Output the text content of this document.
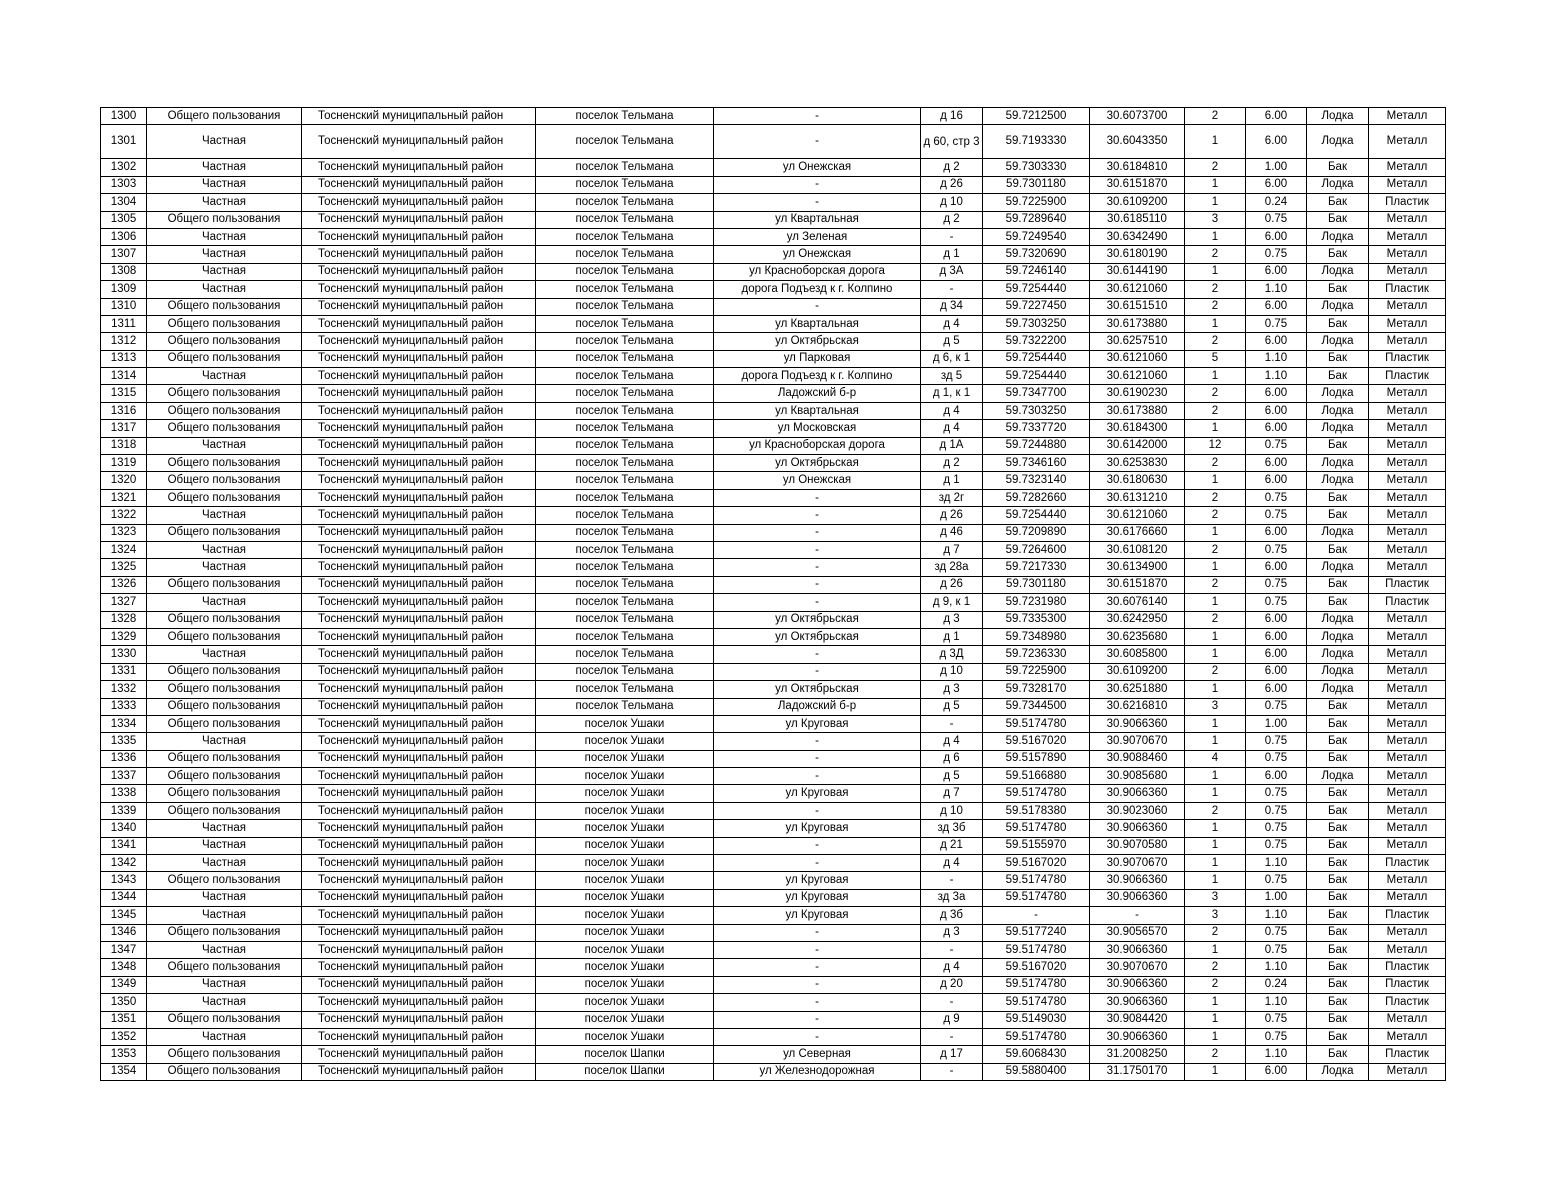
1300	Общего пользования	Тосненский муниципальный район	поселок Тельмана	-	д 16	59.7212500	30.6073700	2	6.00	Лодка	Металл
1301	Частная	Тосненский муниципальный район	поселок Тельмана	-	д 60, стр 3	59.7193330	30.6043350	1	6.00	Лодка	Металл
1302	Частная	Тосненский муниципальный район	поселок Тельмана	ул Онежская	д 2	59.7303330	30.6184810	2	1.00	Бак	Металл
1303	Частная	Тосненский муниципальный район	поселок Тельмана	-	д 26	59.7301180	30.6151870	1	6.00	Лодка	Металл
1304	Частная	Тосненский муниципальный район	поселок Тельмана	-	д 10	59.7225900	30.6109200	1	0.24	Бак	Пластик
1305	Общего пользования	Тосненский муниципальный район	поселок Тельмана	ул Квартальная	д 2	59.7289640	30.6185110	3	0.75	Бак	Металл
1306	Частная	Тосненский муниципальный район	поселок Тельмана	ул Зеленая	-	59.7249540	30.6342490	1	6.00	Лодка	Металл
1307	Частная	Тосненский муниципальный район	поселок Тельмана	ул Онежская	д 1	59.7320690	30.6180190	2	0.75	Бак	Металл
1308	Частная	Тосненский муниципальный район	поселок Тельмана	ул Красноборская дорога	д 3А	59.7246140	30.6144190	1	6.00	Лодка	Металл
1309	Частная	Тосненский муниципальный район	поселок Тельмана	дорога Подъезд к г. Колпино	-	59.7254440	30.6121060	2	1.10	Бак	Пластик
1310	Общего пользования	Тосненский муниципальный район	поселок Тельмана	-	д 34	59.7227450	30.6151510	2	6.00	Лодка	Металл
1311	Общего пользования	Тосненский муниципальный район	поселок Тельмана	ул Квартальная	д 4	59.7303250	30.6173880	1	0.75	Бак	Металл
1312	Общего пользования	Тосненский муниципальный район	поселок Тельмана	ул Октябрьская	д 5	59.7322200	30.6257510	2	6.00	Лодка	Металл
1313	Общего пользования	Тосненский муниципальный район	поселок Тельмана	ул Парковая	д 6, к 1	59.7254440	30.6121060	5	1.10	Бак	Пластик
1314	Частная	Тосненский муниципальный район	поселок Тельмана	дорога Подъезд к г. Колпино	зд 5	59.7254440	30.6121060	1	1.10	Бак	Пластик
1315	Общего пользования	Тосненский муниципальный район	поселок Тельмана	Ладожский б-р	д 1, к 1	59.7347700	30.6190230	2	6.00	Лодка	Металл
1316	Общего пользования	Тосненский муниципальный район	поселок Тельмана	ул Квартальная	д 4	59.7303250	30.6173880	2	6.00	Лодка	Металл
1317	Общего пользования	Тосненский муниципальный район	поселок Тельмана	ул Московская	д 4	59.7337720	30.6184300	1	6.00	Лодка	Металл
1318	Частная	Тосненский муниципальный район	поселок Тельмана	ул Красноборская дорога	д 1А	59.7244880	30.6142000	12	0.75	Бак	Металл
1319	Общего пользования	Тосненский муниципальный район	поселок Тельмана	ул Октябрьская	д 2	59.7346160	30.6253830	2	6.00	Лодка	Металл
1320	Общего пользования	Тосненский муниципальный район	поселок Тельмана	ул Онежская	д 1	59.7323140	30.6180630	1	6.00	Лодка	Металл
1321	Общего пользования	Тосненский муниципальный район	поселок Тельмана	-	зд 2г	59.7282660	30.6131210	2	0.75	Бак	Металл
1322	Частная	Тосненский муниципальный район	поселок Тельмана	-	д 26	59.7254440	30.6121060	2	0.75	Бак	Металл
1323	Общего пользования	Тосненский муниципальный район	поселок Тельмана	-	д 46	59.7209890	30.6176660	1	6.00	Лодка	Металл
1324	Частная	Тосненский муниципальный район	поселок Тельмана	-	д 7	59.7264600	30.6108120	2	0.75	Бак	Металл
1325	Частная	Тосненский муниципальный район	поселок Тельмана	-	зд 28а	59.7217330	30.6134900	1	6.00	Лодка	Металл
1326	Общего пользования	Тосненский муниципальный район	поселок Тельмана	-	д 26	59.7301180	30.6151870	2	0.75	Бак	Пластик
1327	Частная	Тосненский муниципальный район	поселок Тельмана	-	д 9, к 1	59.7231980	30.6076140	1	0.75	Бак	Пластик
1328	Общего пользования	Тосненский муниципальный район	поселок Тельмана	ул Октябрьская	д 3	59.7335300	30.6242950	2	6.00	Лодка	Металл
1329	Общего пользования	Тосненский муниципальный район	поселок Тельмана	ул Октябрьская	д 1	59.7348980	30.6235680	1	6.00	Лодка	Металл
1330	Частная	Тосненский муниципальный район	поселок Тельмана	-	д 3Д	59.7236330	30.6085800	1	6.00	Лодка	Металл
1331	Общего пользования	Тосненский муниципальный район	поселок Тельмана	-	д 10	59.7225900	30.6109200	2	6.00	Лодка	Металл
1332	Общего пользования	Тосненский муниципальный район	поселок Тельмана	ул Октябрьская	д 3	59.7328170	30.6251880	1	6.00	Лодка	Металл
1333	Общего пользования	Тосненский муниципальный район	поселок Тельмана	Ладожский б-р	д 5	59.7344500	30.6216810	3	0.75	Бак	Металл
1334	Общего пользования	Тосненский муниципальный район	поселок Ушаки	ул Круговая	-	59.5174780	30.9066360	1	1.00	Бак	Металл
1335	Частная	Тосненский муниципальный район	поселок Ушаки	-	д 4	59.5167020	30.9070670	1	0.75	Бак	Металл
1336	Общего пользования	Тосненский муниципальный район	поселок Ушаки	-	д 6	59.5157890	30.9088460	4	0.75	Бак	Металл
1337	Общего пользования	Тосненский муниципальный район	поселок Ушаки	-	д 5	59.5166880	30.9085680	1	6.00	Лодка	Металл
1338	Общего пользования	Тосненский муниципальный район	поселок Ушаки	ул Круговая	д 7	59.5174780	30.9066360	1	0.75	Бак	Металл
1339	Общего пользования	Тосненский муниципальный район	поселок Ушаки	-	д 10	59.5178380	30.9023060	2	0.75	Бак	Металл
1340	Частная	Тосненский муниципальный район	поселок Ушаки	ул Круговая	зд 3б	59.5174780	30.9066360	1	0.75	Бак	Металл
1341	Частная	Тосненский муниципальный район	поселок Ушаки	-	д 21	59.5155970	30.9070580	1	0.75	Бак	Металл
1342	Частная	Тосненский муниципальный район	поселок Ушаки	-	д 4	59.5167020	30.9070670	1	1.10	Бак	Пластик
1343	Общего пользования	Тосненский муниципальный район	поселок Ушаки	ул Круговая	-	59.5174780	30.9066360	1	0.75	Бак	Металл
1344	Частная	Тосненский муниципальный район	поселок Ушаки	ул Круговая	зд 3а	59.5174780	30.9066360	3	1.00	Бак	Металл
1345	Частная	Тосненский муниципальный район	поселок Ушаки	ул Круговая	д 3б	-	-	3	1.10	Бак	Пластик
1346	Общего пользования	Тосненский муниципальный район	поселок Ушаки	-	д 3	59.5177240	30.9056570	2	0.75	Бак	Металл
1347	Частная	Тосненский муниципальный район	поселок Ушаки	-	-	59.5174780	30.9066360	1	0.75	Бак	Металл
1348	Общего пользования	Тосненский муниципальный район	поселок Ушаки	-	д 4	59.5167020	30.9070670	2	1.10	Бак	Пластик
1349	Частная	Тосненский муниципальный район	поселок Ушаки	-	д 20	59.5174780	30.9066360	2	0.24	Бак	Пластик
1350	Частная	Тосненский муниципальный район	поселок Ушаки	-	-	59.5174780	30.9066360	1	1.10	Бак	Пластик
1351	Общего пользования	Тосненский муниципальный район	поселок Ушаки	-	д 9	59.5149030	30.9084420	1	0.75	Бак	Металл
1352	Частная	Тосненский муниципальный район	поселок Ушаки	-	-	59.5174780	30.9066360	1	0.75	Бак	Металл
1353	Общего пользования	Тосненский муниципальный район	поселок Шапки	ул Северная	д 17	59.6068430	31.2008250	2	1.10	Бак	Пластик
1354	Общего пользования	Тосненский муниципальный район	поселок Шапки	ул Железнодорожная	-	59.5880400	31.1750170	1	6.00	Лодка	Металл
